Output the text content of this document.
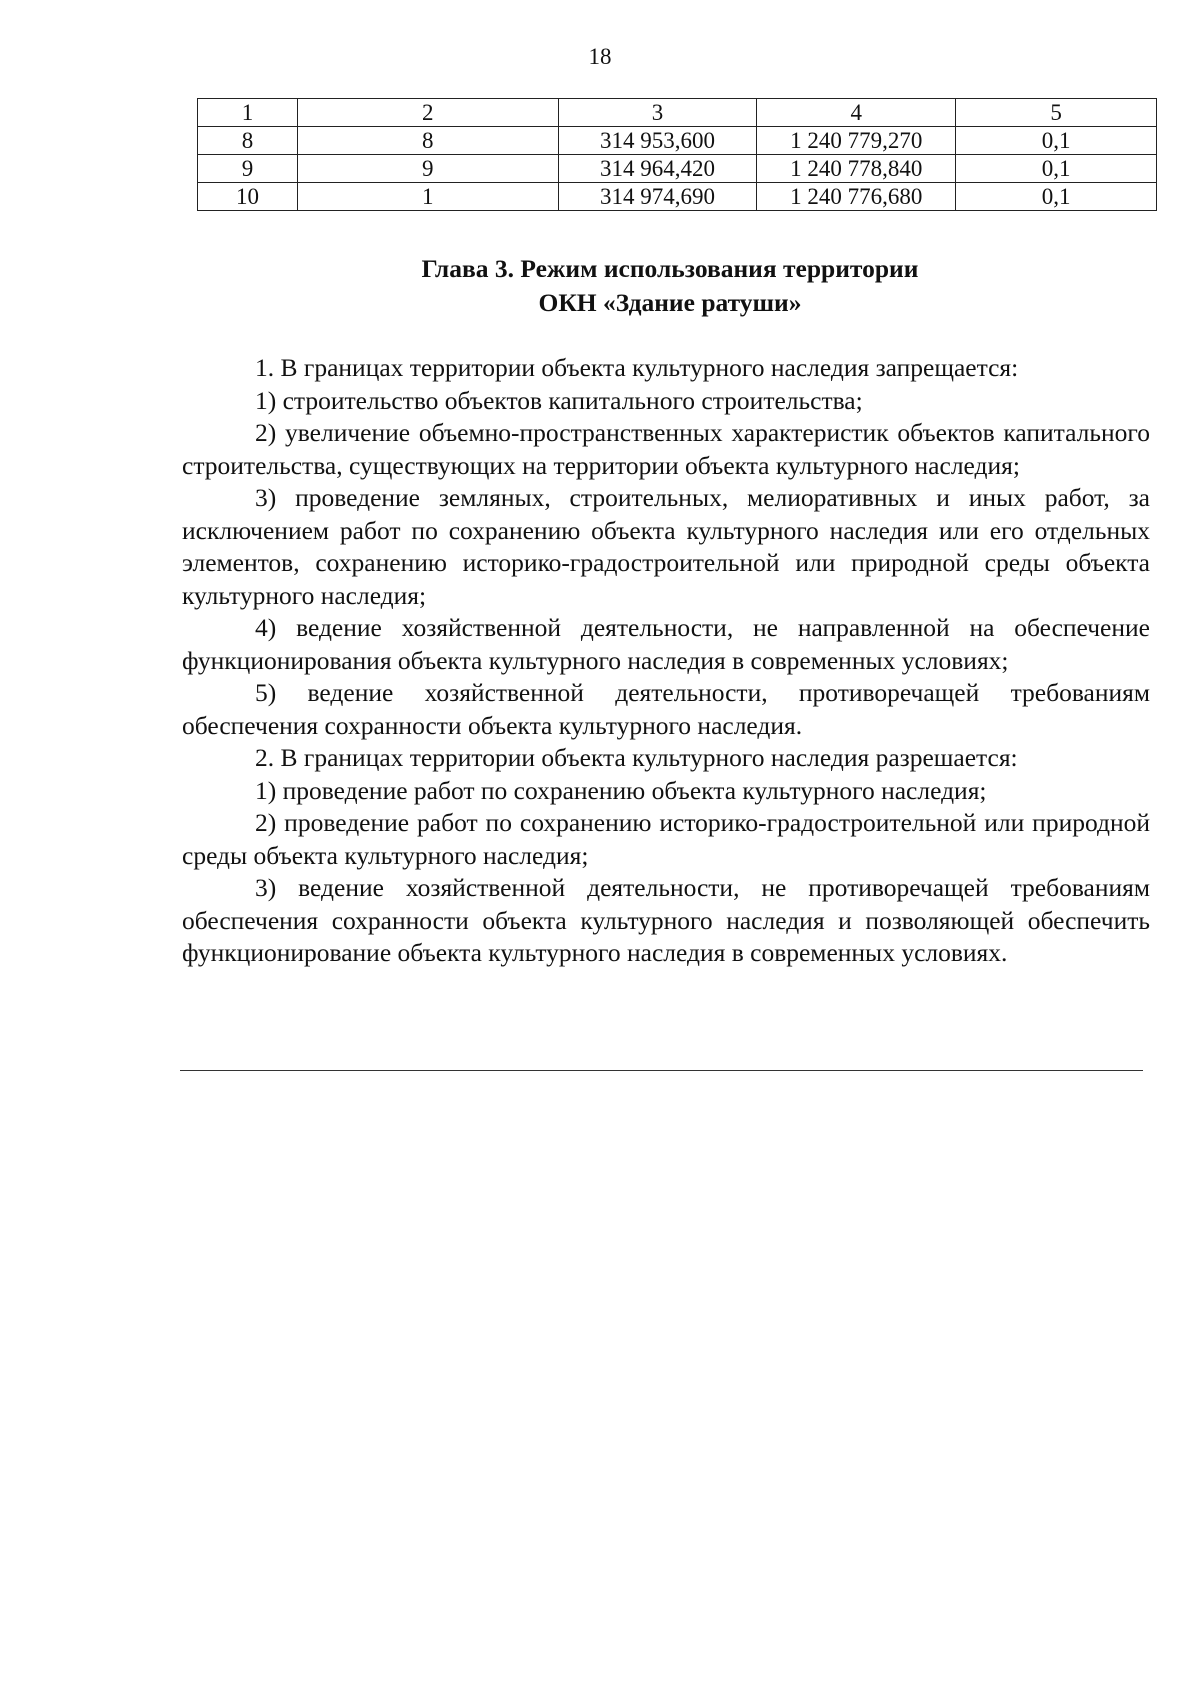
18
1	2	3	4	5
8	8	314 953,600	1 240 779,270	0,1
9	9	314 964,420	1 240 778,840	0,1
10	1	314 974,690	1 240 776,680	0,1
Глава 3. Режим использования территории
ОКН «Здание ратуши»

1. В границах территории объекта культурного наследия запрещается:

1) строительство объектов капитального строительства;

2) увеличение объемно-пространственных характеристик объектов капитального строительства, существующих на территории объекта культурного наследия;

3) проведение земляных, строительных, мелиоративных и иных работ, за исключением работ по сохранению объекта культурного наследия или его отдельных элементов, сохранению историко-градостроительной или природной среды объекта культурного наследия;

4) ведение хозяйственной деятельности, не направленной на обеспечение функционирования объекта культурного наследия в современных условиях;

5) ведение хозяйственной деятельности, противоречащей требованиям обеспечения сохранности объекта культурного наследия.

2. В границах территории объекта культурного наследия разрешается:

1) проведение работ по сохранению объекта культурного наследия;

2) проведение работ по сохранению историко-градостроительной или природной среды объекта культурного наследия;

3) ведение хозяйственной деятельности, не противоречащей требованиям обеспечения сохранности объекта культурного наследия и позволяющей обеспечить функционирование объекта культурного наследия в современных условиях.
